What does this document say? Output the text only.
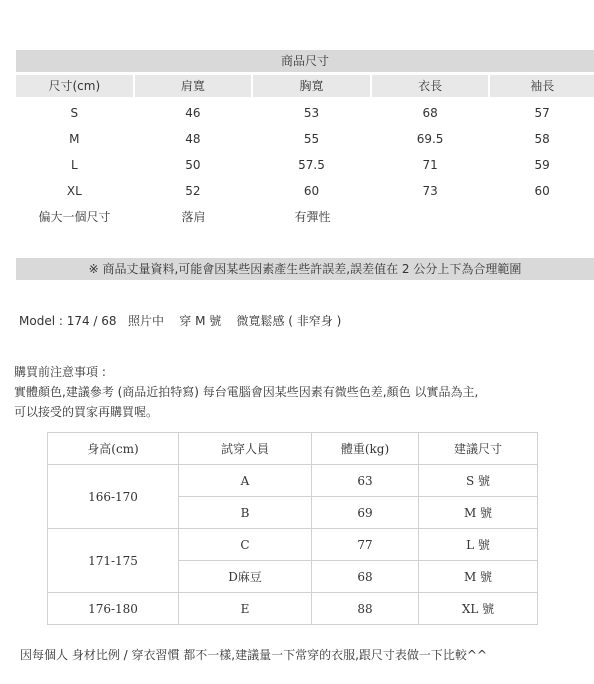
商品尺寸
尺寸(cm)	肩寬	胸寬	衣長	袖長
S	46	53	68	57
M	48	55	69.5	58
L	50	57.5	71	59
XL	52	60	73	60
偏大一個尺寸	落肩	有彈性
※ 商品丈量資料,可能會因某些因素產生些許誤差,誤差值在 2 公分上下為合理範圍
Model : 174 / 68   照片中    穿 M 號    微寬鬆感 ( 非窄身 )

購買前注意事項 :

實體顏色,建議參考 (商品近拍特寫) 每台電腦會因某些因素有微些色差,顏色 以實品為主,

可以接受的買家再購買喔。

身高(cm)	試穿人員	體重(kg)	建議尺寸
166-170	A	63	S 號
	B	69	M 號
171-175	C	77	L 號
	D麻豆	68	M 號
176-180	E	88	XL 號
因每個人 身材比例 / 穿衣習慣 都不一樣,建議量一下常穿的衣服,跟尺寸表做一下比較^^
